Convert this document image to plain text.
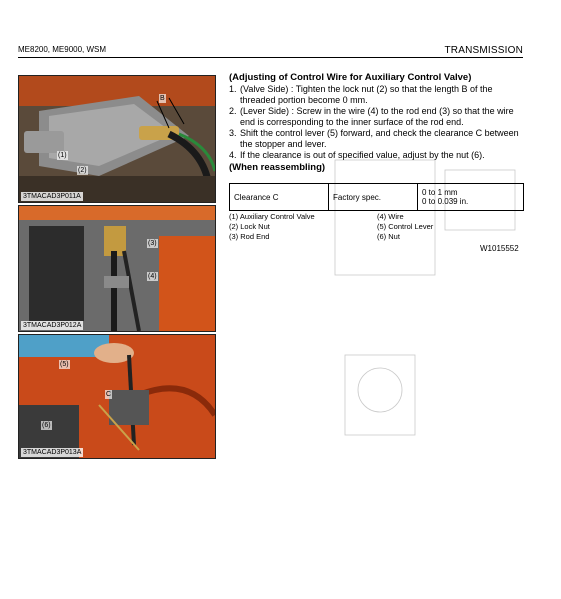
ME8200, ME9000, WSM	TRANSMISSION
B
(1)
(2)
3TMACAD3P011A
(3)
(4)
3TMACAD3P012A
(5)
C
(6)
3TMACAD3P013A
(Adjusting of Control Wire for Auxiliary Control Valve)
1. (Valve Side) : Tighten the lock nut (2) so that the length B of the threaded portion become 0 mm.
2. (Lever Side) : Screw in the wire (4) to the rod end (3) so that the wire end is corresponding to the inner surface of the rod end.
3. Shift the control lever (5) forward, and check the clearance C between the stopper and lever.
4. If the clearance is out of specified value, adjust by the nut (6).
(When reassembling)
Clearance C	Factory spec.	0 to 1 mm
0 to 0.039 in.
(1) Auxiliary Control Valve
(2) Lock Nut
(3) Rod End
(4) Wire
(5) Control Lever
(6) Nut
W1015552
